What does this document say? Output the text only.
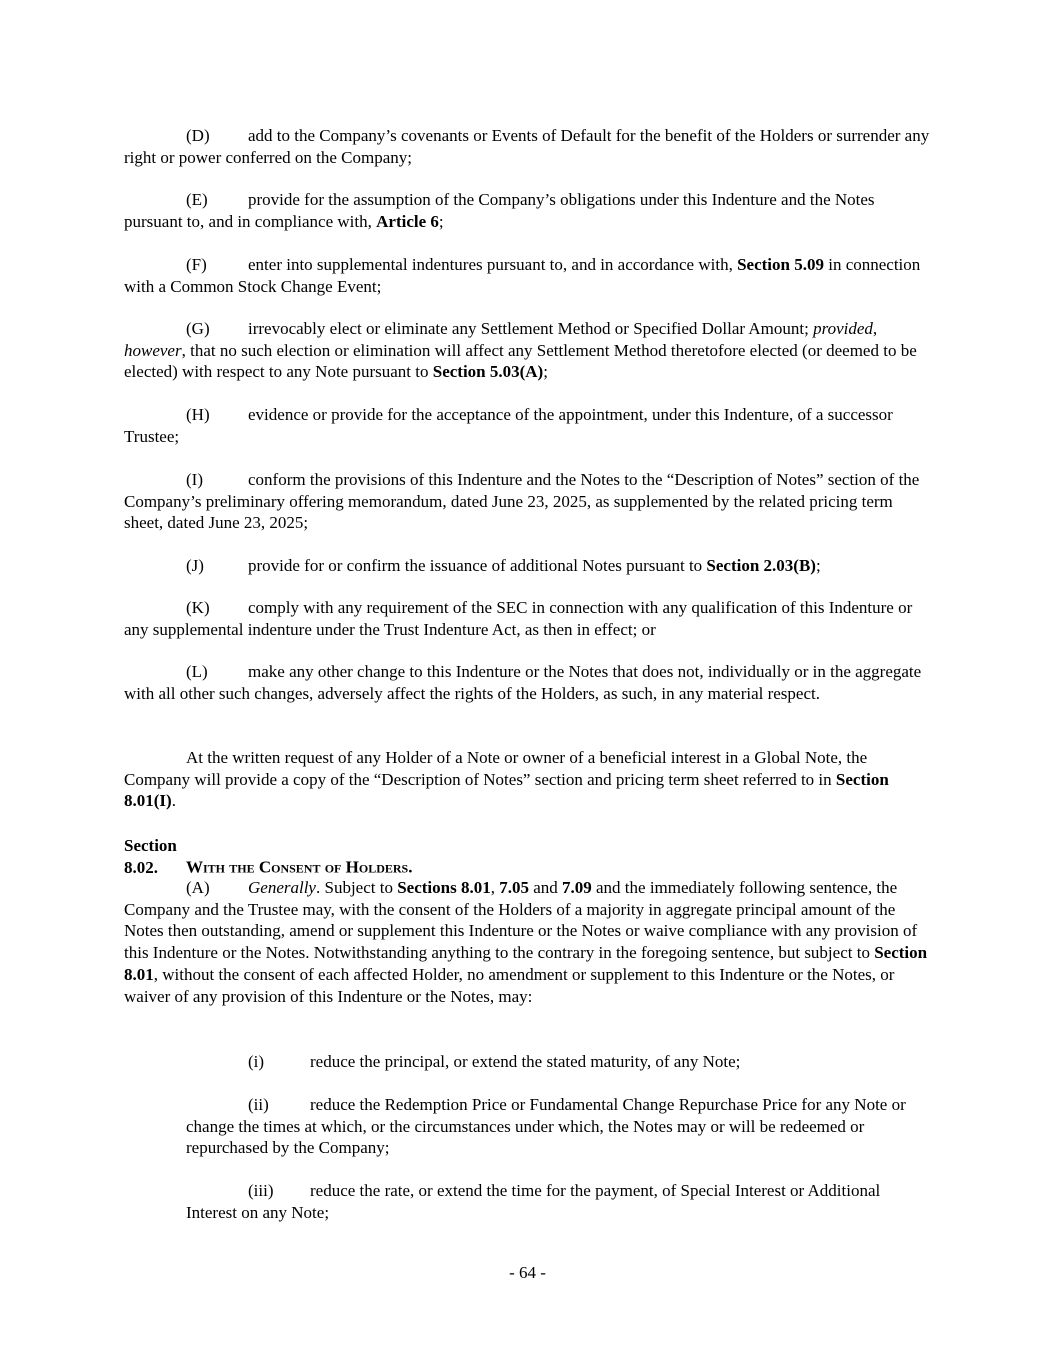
(D) add to the Company’s covenants or Events of Default for the benefit of the Holders or surrender any right or power conferred on the Company;

(E) provide for the assumption of the Company’s obligations under this Indenture and the Notes pursuant to, and in compliance with, Article 6;

(F) enter into supplemental indentures pursuant to, and in accordance with, Section 5.09 in connection with a Common Stock Change Event;

(G) irrevocably elect or eliminate any Settlement Method or Specified Dollar Amount; provided, however, that no such election or elimination will affect any Settlement Method theretofore elected (or deemed to be elected) with respect to any Note pursuant to Section 5.03(A);

(H) evidence or provide for the acceptance of the appointment, under this Indenture, of a successor Trustee;

(I)	conform the provisions of this Indenture and the Notes to the “Description of Notes” section of the Company’s preliminary offering memorandum, dated June 23, 2025, as supplemented by the related pricing term sheet, dated June 23, 2025;

(J)	provide for or confirm the issuance of additional Notes pursuant to Section 2.03(B);

(K) comply with any requirement of the SEC in connection with any qualification of this Indenture or any supplemental indenture under the Trust Indenture Act, as then in effect; or

(L) make any other change to this Indenture or the Notes that does not, individually or in the aggregate with all other such changes, adversely affect the rights of the Holders, as such, in any material respect.

At the written request of any Holder of a Note or owner of a beneficial interest in a Global Note, the Company will provide a copy of the “Description of Notes” section and pricing term sheet referred to in Section 8.01(I).

Section 8.02. With the Consent of Holders.

(A) Generally. Subject to Sections 8.01, 7.05 and 7.09 and the immediately following sentence, the Company and the Trustee may, with the consent of the Holders of a majority in aggregate principal amount of the Notes then outstanding, amend or supplement this Indenture or the Notes or waive compliance with any provision of this Indenture or the Notes. Notwithstanding anything to the contrary in the foregoing sentence, but subject to Section 8.01, without the consent of each affected Holder, no amendment or supplement to this Indenture or the Notes, or waiver of any provision of this Indenture or the Notes, may:

(i)	reduce the principal, or extend the stated maturity, of any Note;

(ii) reduce the Redemption Price or Fundamental Change Repurchase Price for any Note or change the times at which, or the circumstances under which, the Notes may or will be redeemed or repurchased by the Company;

(iii) reduce the rate, or extend the time for the payment, of Special Interest or Additional Interest on any Note;

- 64 -
